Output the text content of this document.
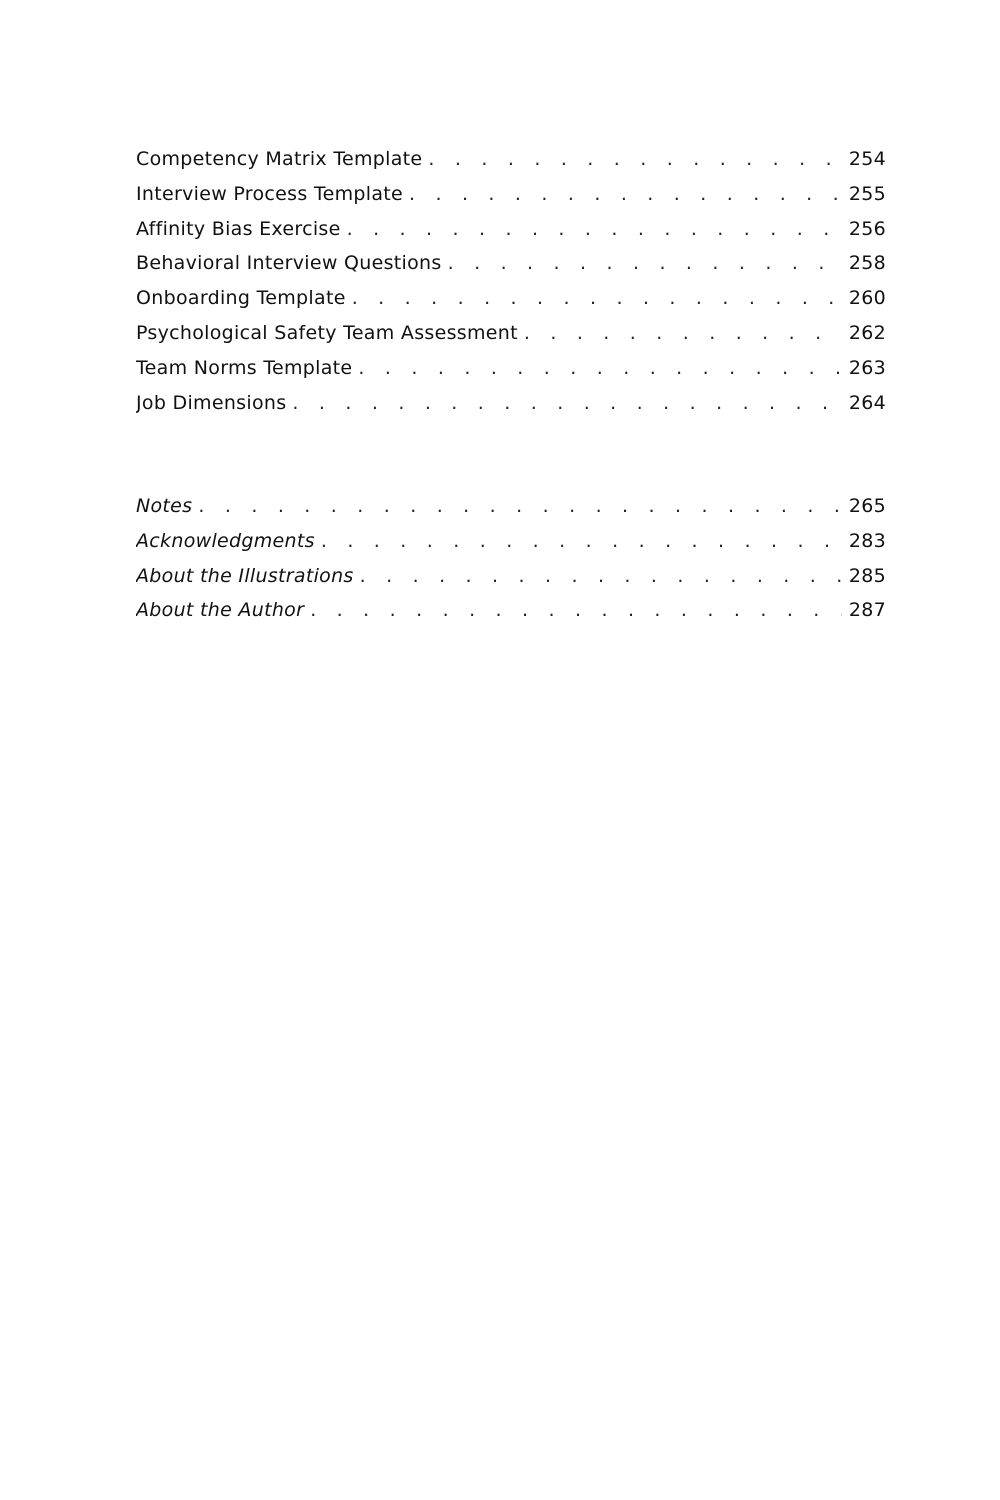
Competency Matrix Template . . .	254
Interview Process Template . . .	255
Affinity Bias Exercise . . .	256
Behavioral Interview Questions . . .	258
Onboarding Template . . .	260
Psychological Safety Team Assessment . . .	262
Team Norms Template . . .	263
Job Dimensions . . .	264
Notes . . .	265
Acknowledgments . . .	283
About the Illustrations . . .	285
About the Author . . .	287
